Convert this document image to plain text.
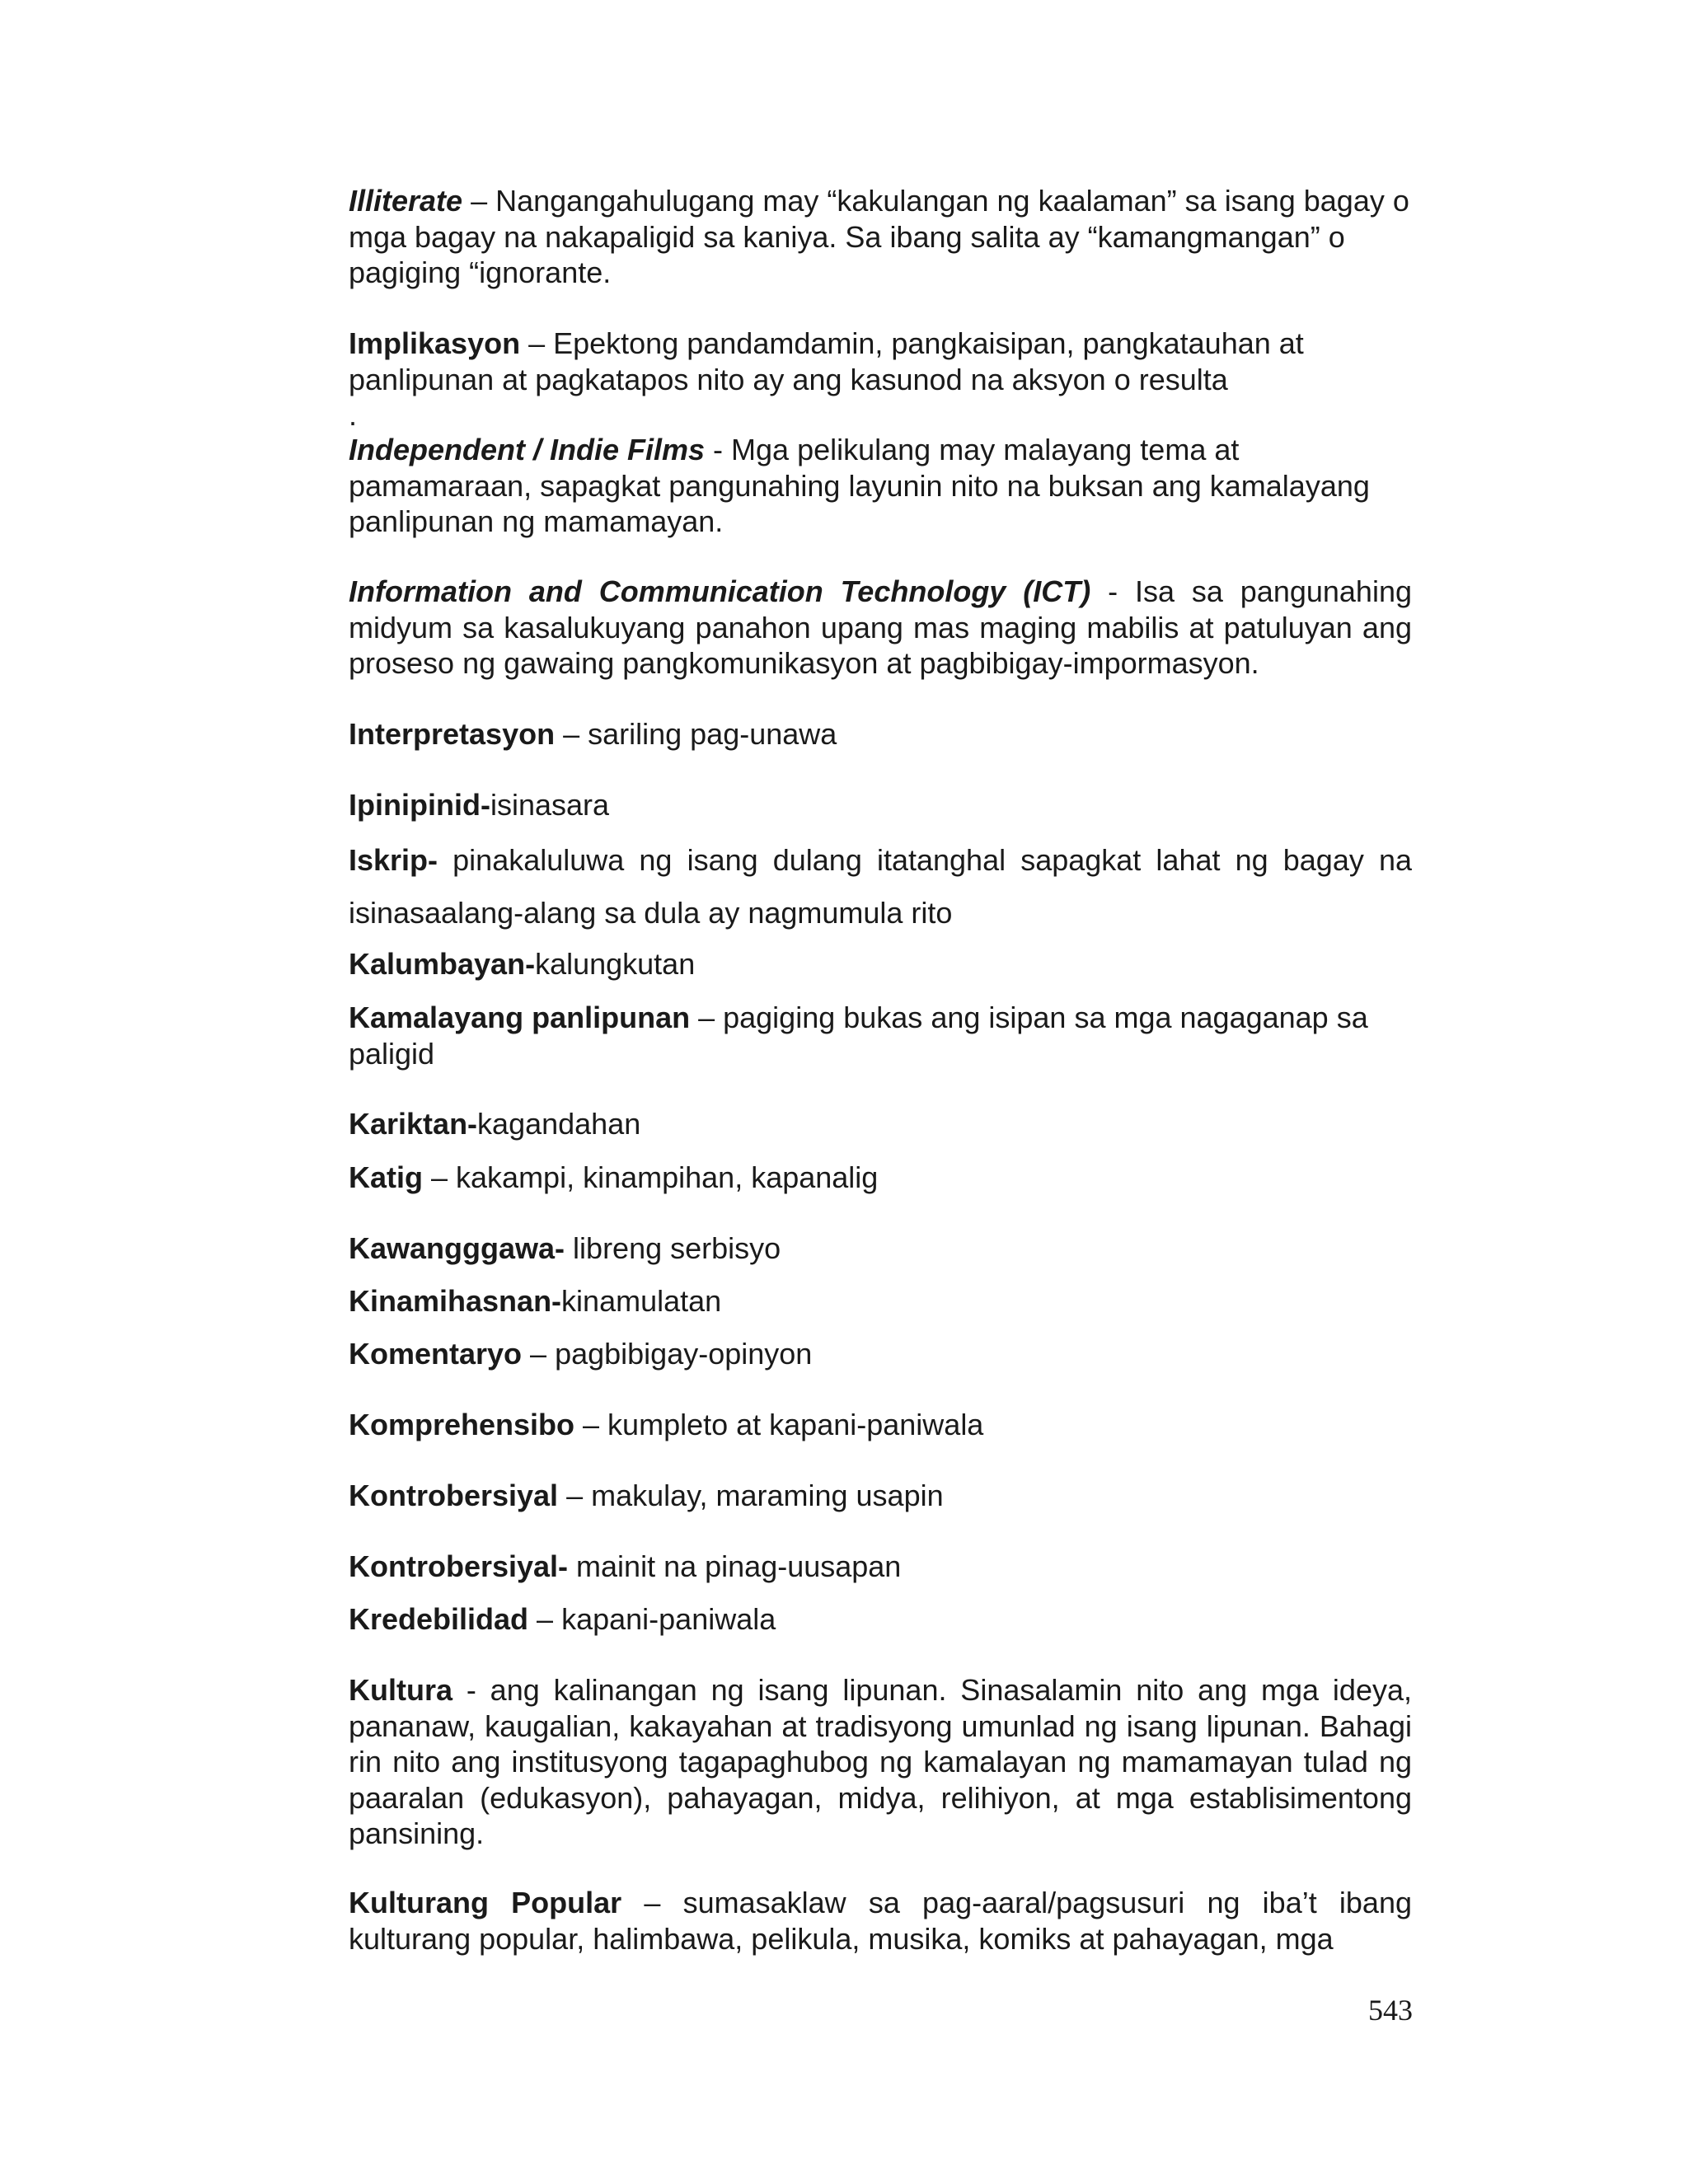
Illiterate – Nangangahulugang may “kakulangan ng kaalaman” sa isang bagay o mga bagay na nakapaligid sa kaniya. Sa ibang salita ay “kamangmangan” o pagiging “ignorante.

Implikasyon – Epektong pandamdamin, pangkaisipan, pangkatauhan at panlipunan at pagkatapos nito ay ang kasunod na aksyon o resulta

.

Independent / Indie Films - Mga pelikulang may malayang tema at pamamaraan, sapagkat pangunahing layunin nito na buksan ang kamalayang panlipunan ng mamamayan.

Information and Communication Technology (ICT) - Isa sa pangunahing midyum sa kasalukuyang panahon upang mas maging mabilis at patuluyan ang proseso ng gawaing pangkomunikasyon at pagbibigay-impormasyon.

Interpretasyon – sariling pag-unawa

Ipinipinid-isinasara

Iskrip- pinakaluluwa ng isang dulang itatanghal sapagkat lahat ng bagay na isinasaalang-alang sa dula ay nagmumula rito

Kalumbayan-kalungkutan

Kamalayang panlipunan – pagiging bukas ang isipan sa mga nagaganap sa paligid

Kariktan-kagandahan

Katig – kakampi, kinampihan, kapanalig

Kawangggawa- libreng serbisyo

Kinamihasnan-kinamulatan

Komentaryo – pagbibigay-opinyon

Komprehensibo – kumpleto at kapani-paniwala

Kontrobersiyal – makulay, maraming usapin

Kontrobersiyal- mainit na pinag-uusapan

Kredebilidad – kapani-paniwala

Kultura - ang kalinangan ng isang lipunan. Sinasalamin nito ang mga ideya, pananaw, kaugalian, kakayahan at tradisyong umunlad ng isang lipunan. Bahagi rin nito ang institusyong tagapaghubog ng kamalayan ng mamamayan tulad ng paaralan (edukasyon), pahayagan, midya, relihiyon, at mga establisimentong pansining.

Kulturang Popular – sumasaklaw sa pag-aaral/pagsusuri ng iba’t ibang kulturang popular, halimbawa, pelikula, musika, komiks at pahayagan, mga

543
